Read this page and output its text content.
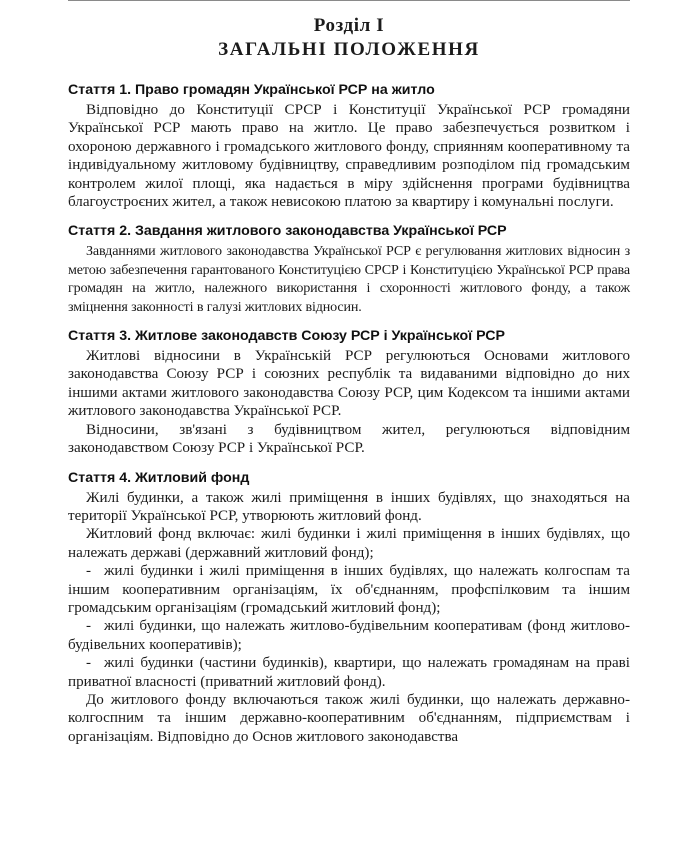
Розділ І
ЗАГАЛЬНІ ПОЛОЖЕННЯ
Стаття 1. Право громадян Української РСР на житло

Відповідно до Конституції СРСР і Конституції Української РСР громадяни Української РСР мають право на житло. Це право забезпечується розвитком і охороною державного і громадського житлового фонду, сприянням кооперативному та індивідуальному житловому будівництву, справедливим розподілом під громадським контролем жилої площі, яка надається в міру здійснення програми будівництва благоустроєних жител, а також невисокою платою за квартиру і комунальні послуги.

Стаття 2. Завдання житлового законодавства Української РСР

Завданнями житлового законодавства Української РСР є регулювання житлових відносин з метою забезпечення гарантованого Конституцією СРСР і Конституцією Української РСР права громадян на житло, належного використання і схоронності житлового фонду, а також зміцнення законності в галузі житлових відносин.

Стаття 3. Житлове законодавств Союзу РСР і Української РСР

Житлові відносини в Українській РСР регулюються Основами житлового законодавства Союзу РСР і союзних республік та видаваними відповідно до них іншими актами житлового законодавства Союзу РСР, цим Кодексом та іншими актами житлового законодавства Української РСР.

Відносини, зв'язані з будівництвом жител, регулюються відповідним законодавством Союзу РСР і Української РСР.

Стаття 4. Житловий фонд

Жилі будинки, а також жилі приміщення в інших будівлях, що знаходяться на території Української РСР, утворюють житловий фонд.

Житловий фонд включає: жилі будинки і жилі приміщення в інших будівлях, що належать державі (державний житловий фонд);

- жилі будинки і жилі приміщення в інших будівлях, що належать колгоспам та іншим кооперативним організаціям, їх об'єднанням, профспілковим та іншим громадським організаціям (громадський житловий фонд);

- жилі будинки, що належать житлово-будівельним кооперативам (фонд житлово-будівельних кооперативів);

- жилі будинки (частини будинків), квартири, що належать громадянам на праві приватної власності (приватний житловий фонд).

До житлового фонду включаються також жилі будинки, що належать державно-колгоспним та іншим державно-кооперативним об'єднанням, підприємствам і організаціям. Відповідно до Основ житлового законодавства
